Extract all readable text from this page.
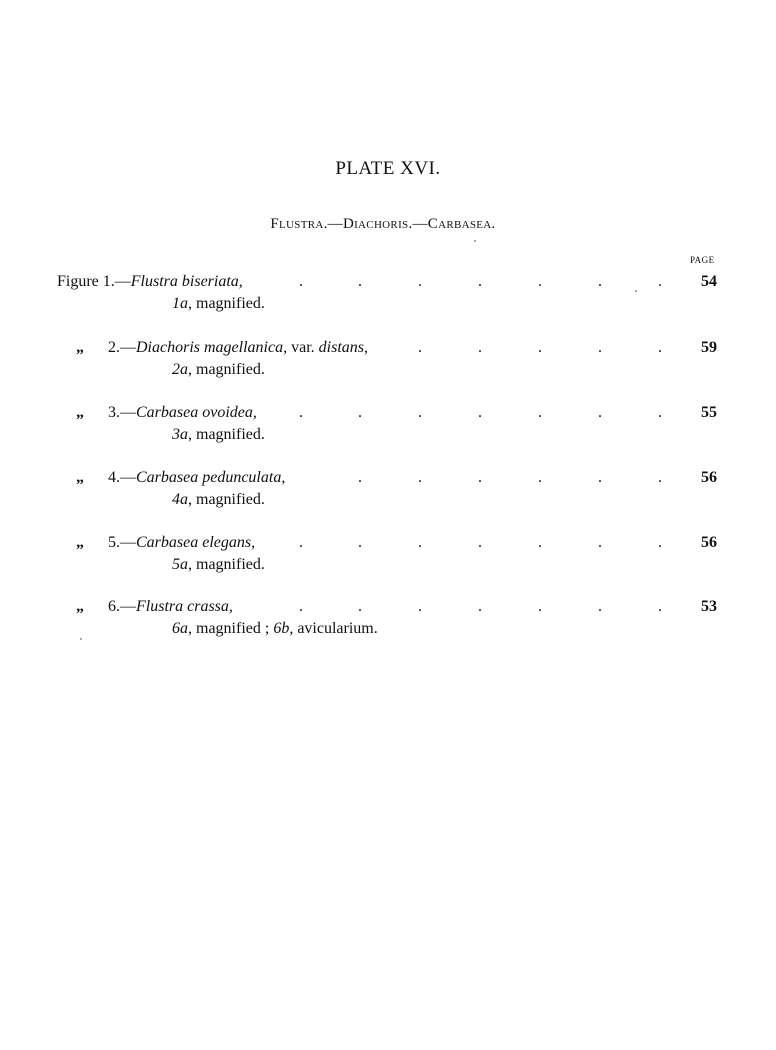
PLATE XVI.
Flustra.—Diachoris.—Carbasea.
PAGE
Figure 1.—Flustra biseriata,	.	.	.	.	.	.	. 54
1a, magnified.
„ 2.—Diachoris magellanica, var. distans,	.	.	.	.	. 59
2a, magnified.
„ 3.—Carbasea ovoidea,	.	.	.	.	.	.	. 55
3a, magnified.
„ 4.—Carbasea pedunculata,	.	.	.	.	.	. 56
4a, magnified.
„ 5.—Carbasea elegans,	.	.	.	.	.	.	. 56
5a, magnified.
„ 6.—Flustra crassa,	.	.	.	.	.	.	. 53
6a, magnified ; 6b, avicularium.
